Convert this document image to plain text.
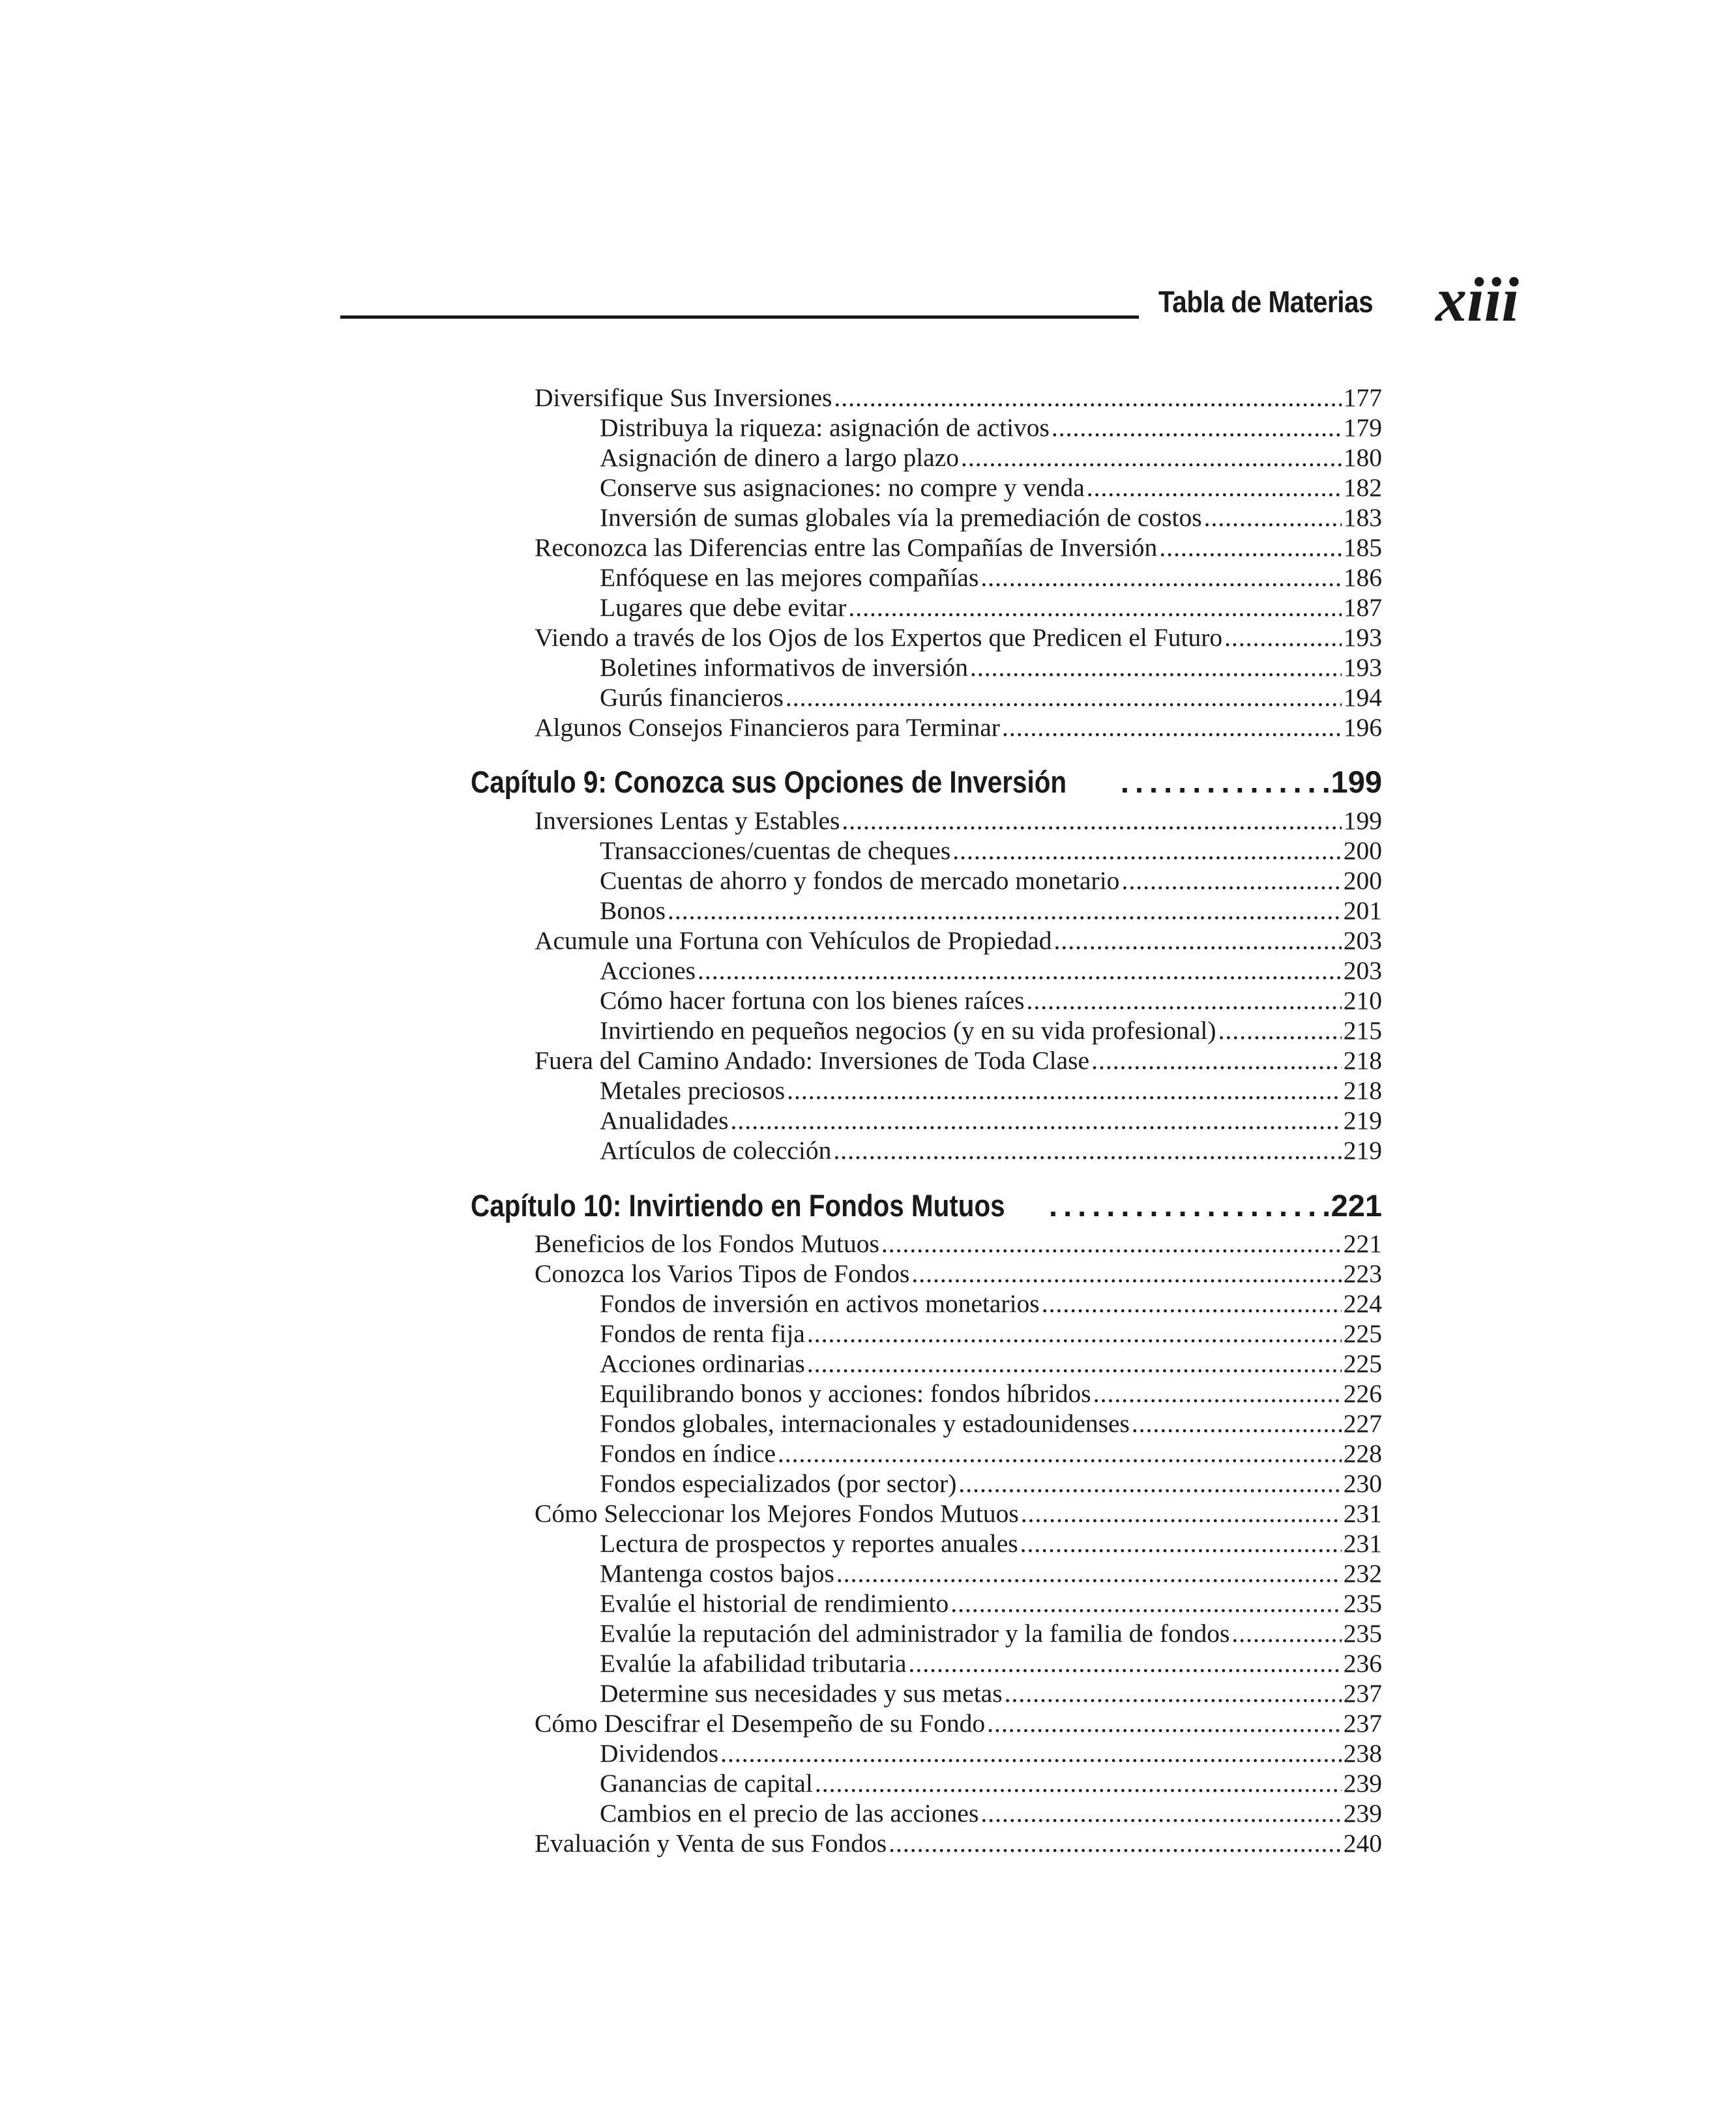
Tabla de Materias xiii
Diversifique Sus Inversiones .....	177
Distribuya la riqueza: asignación de activos .....	179
Asignación de dinero a largo plazo .....	180
Conserve sus asignaciones: no compre y venda .....	182
Inversión de sumas globales vía la premediación de costos .....	183
Reconozca las Diferencias entre las Compañías de Inversión .....	185
Enfóquese en las mejores compañías .....	186
Lugares que debe evitar .....	187
Viendo a través de los Ojos de los Expertos que Predicen el Futuro .....	193
Boletines informativos de inversión .....	193
Gurús financieros .....	194
Algunos Consejos Financieros para Terminar .....	196
Capítulo 9: Conozca sus Opciones de Inversión .....	199
Inversiones Lentas y Estables .....	199
Transacciones/cuentas de cheques .....	200
Cuentas de ahorro y fondos de mercado monetario .....	200
Bonos .....	201
Acumule una Fortuna con Vehículos de Propiedad .....	203
Acciones .....	203
Cómo hacer fortuna con los bienes raíces .....	210
Invirtiendo en pequeños negocios (y en su vida profesional) .....	215
Fuera del Camino Andado: Inversiones de Toda Clase .....	218
Metales preciosos .....	218
Anualidades .....	219
Artículos de colección .....	219
Capítulo 10: Invirtiendo en Fondos Mutuos .....	221
Beneficios de los Fondos Mutuos .....	221
Conozca los Varios Tipos de Fondos .....	223
Fondos de inversión en activos monetarios .....	224
Fondos de renta fija .....	225
Acciones ordinarias .....	225
Equilibrando bonos y acciones: fondos híbridos .....	226
Fondos globales, internacionales y estadounidenses .....	227
Fondos en índice .....	228
Fondos especializados (por sector) .....	230
Cómo Seleccionar los Mejores Fondos Mutuos .....	231
Lectura de prospectos y reportes anuales .....	231
Mantenga costos bajos .....	232
Evalúe el historial de rendimiento .....	235
Evalúe la reputación del administrador y la familia de fondos .....	235
Evalúe la afabilidad tributaria .....	236
Determine sus necesidades y sus metas .....	237
Cómo Descifrar el Desempeño de su Fondo .....	237
Dividendos .....	238
Ganancias de capital .....	239
Cambios en el precio de las acciones .....	239
Evaluación y Venta de sus Fondos .....	240
